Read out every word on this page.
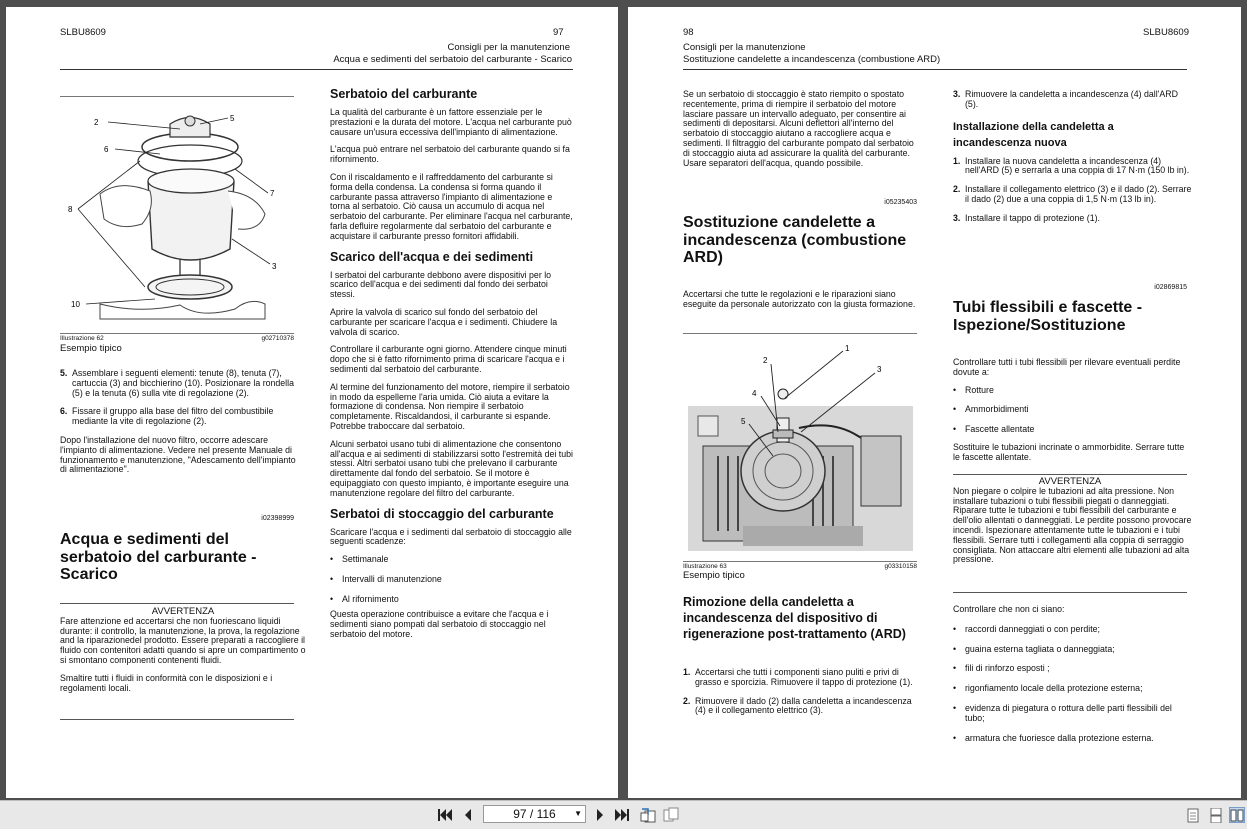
SLBU8609	97
Consigli per la manutenzione
Acqua e sedimenti del serbatoio del carburante - Scarico
2	5
6
7
8
3
10
Illustrazione 62	g02710378
Esempio tipico
5. Assemblare i seguenti elementi: tenute (8), tenuta (7), cartuccia (3) and bicchierino (10). Posizionare la rondella (5) e la tenuta (6) sulla vite di regolazione (2).
6. Fissare il gruppo alla base del filtro del combustibile mediante la vite di regolazione (2).

Dopo l'installazione del nuovo filtro, occorre adescare l'impianto di alimentazione. Vedere nel presente Manuale di funzionamento e manutenzione, "Adescamento dell'impianto di alimentazione".

i02398999
Acqua e sedimenti del serbatoio del carburante - Scarico
AVVERTENZA

Fare attenzione ed accertarsi che non fuoriescano liquidi durante: il controllo, la manutenzione, la prova, la regolazione and la riparazionedel prodotto. Essere preparati a raccogliere il fluido con contenitori adatti quando si apre un compartimento o si smontano componenti contenenti fluidi.

Smaltire tutti i fluidi in conformità con le disposizioni e i regolamenti locali.

Serbatoio del carburante

La qualità del carburante è un fattore essenziale per le prestazioni e la durata del motore. L'acqua nel carburante può causare un'usura eccessiva dell'impianto di alimentazione.

L'acqua può entrare nel serbatoio del carburante quando si fa rifornimento.

Con il riscaldamento e il raffreddamento del carburante si forma della condensa. La condensa si forma quando il carburante passa attraverso l'impianto di alimentazione e torna al serbatoio. Ciò causa un accumulo di acqua nel serbatoio del carburante. Per eliminare l'acqua nel carburante, farla defluire regolarmente dal serbatoio del carburante e acquistare il carburante presso fornitori affidabili.

Scarico dell'acqua e dei sedimenti

I serbatoi del carburante debbono avere dispositivi per lo scarico dell'acqua e dei sedimenti dal fondo dei serbatoi stessi.

Aprire la valvola di scarico sul fondo del serbatoio del carburante per scaricare l'acqua e i sedimenti. Chiudere la valvola di scarico.

Controllare il carburante ogni giorno. Attendere cinque minuti dopo che si è fatto rifornimento prima di scaricare l'acqua e i sedimenti dal serbatoio del carburante.

Al termine del funzionamento del motore, riempire il serbatoio in modo da espellerne l'aria umida. Ciò aiuta a evitare la formazione di condensa. Non riempire il serbatoio completamente. Riscaldandosi, il carburante si espande. Potrebbe traboccare dal serbatoio.

Alcuni serbatoi usano tubi di alimentazione che consentono all'acqua e ai sedimenti di stabilizzarsi sotto l'estremità dei tubi stessi. Altri serbatoi usano tubi che prelevano il carburante direttamente dal fondo del serbatoio. Se il motore è equipaggiato con questo impianto, è importante eseguire una manutenzione regolare del filtro del carburante.

Serbatoi di stoccaggio del carburante

Scaricare l'acqua e i sedimenti dal serbatoio di stoccaggio alle seguenti scadenze:

• Settimanale
• Intervalli di manutenzione
• Al rifornimento

Questa operazione contribuisce a evitare che l'acqua e i sedimenti siano pompati dal serbatoio di stoccaggio nel serbatoio del motore.

98	SLBU8609
Consigli per la manutenzione
Sostituzione candelette a incandescenza (combustione ARD)

Se un serbatoio di stoccaggio è stato riempito o spostato recentemente, prima di riempire il serbatoio del motore lasciare passare un intervallo adeguato, per consentire ai sedimenti di depositarsi. Alcuni deflettori all'interno del serbatoio di stoccaggio aiutano a raccogliere acqua e sedimenti. Il filtraggio del carburante pompato dal serbatoio di stoccaggio aiuta ad assicurare la qualità del carburante. Usare separatori dell'acqua, quando possibile.

i05235403
Sostituzione candelette a incandescenza (combustione ARD)
Accertarsi che tutte le regolazioni e le riparazioni siano eseguite da personale autorizzato con la giusta formazione.
1
2
3
4
5
Illustrazione 63	g03310158
Esempio tipico
Rimozione della candeletta a incandescenza del dispositivo di rigenerazione post-trattamento (ARD)
1. Accertarsi che tutti i componenti siano puliti e privi di grasso e sporcizia. Rimuovere il tappo di protezione (1).
2. Rimuovere il dado (2) dalla candeletta a incandescenza (4) e il collegamento elettrico (3).
3. Rimuovere la candeletta a incandescenza (4) dall'ARD (5).
Installazione della candeletta a incandescenza nuova
1. Installare la nuova candeletta a incandescenza (4) nell'ARD (5) e serrarla a una coppia di 17 N·m (150 lb in).
2. Installare il collegamento elettrico (3) e il dado (2). Serrare il dado (2) due a una coppia di 1,5 N·m (13 lb in).
3. Installare il tappo di protezione (1).
i02869815
Tubi flessibili e fascette - Ispezione/Sostituzione

Controllare tutti i tubi flessibili per rilevare eventuali perdite dovute a:

• Rotture
• Ammorbidimenti
• Fascette allentate

Sostituire le tubazioni incrinate o ammorbidite. Serrare tutte le fascette allentate.

AVVERTENZA

Non piegare o colpire le tubazioni ad alta pressione. Non installare tubazioni o tubi flessibili piegati o danneggiati. Riparare tutte le tubazioni e tubi flessibili del carburante e dell'olio allentati o danneggiati. Le perdite possono provocare incendi. Ispezionare attentamente tutte le tubazioni e i tubi flessibili. Serrare tutti i collegamenti alla coppia di serraggio consigliata. Non attaccare altri elementi alle tubazioni ad alta pressione.

Controllare che non ci siano:

• raccordi danneggiati o con perdite;
• guaina esterna tagliata o danneggiata;
• fili di rinforzo esposti ;
• rigonfiamento locale della protezione esterna;
• evidenza di piegatura o rottura delle parti flessibili del tubo;
• armatura che fuoriesce dalla protezione esterna.
97 / 116 ▼
